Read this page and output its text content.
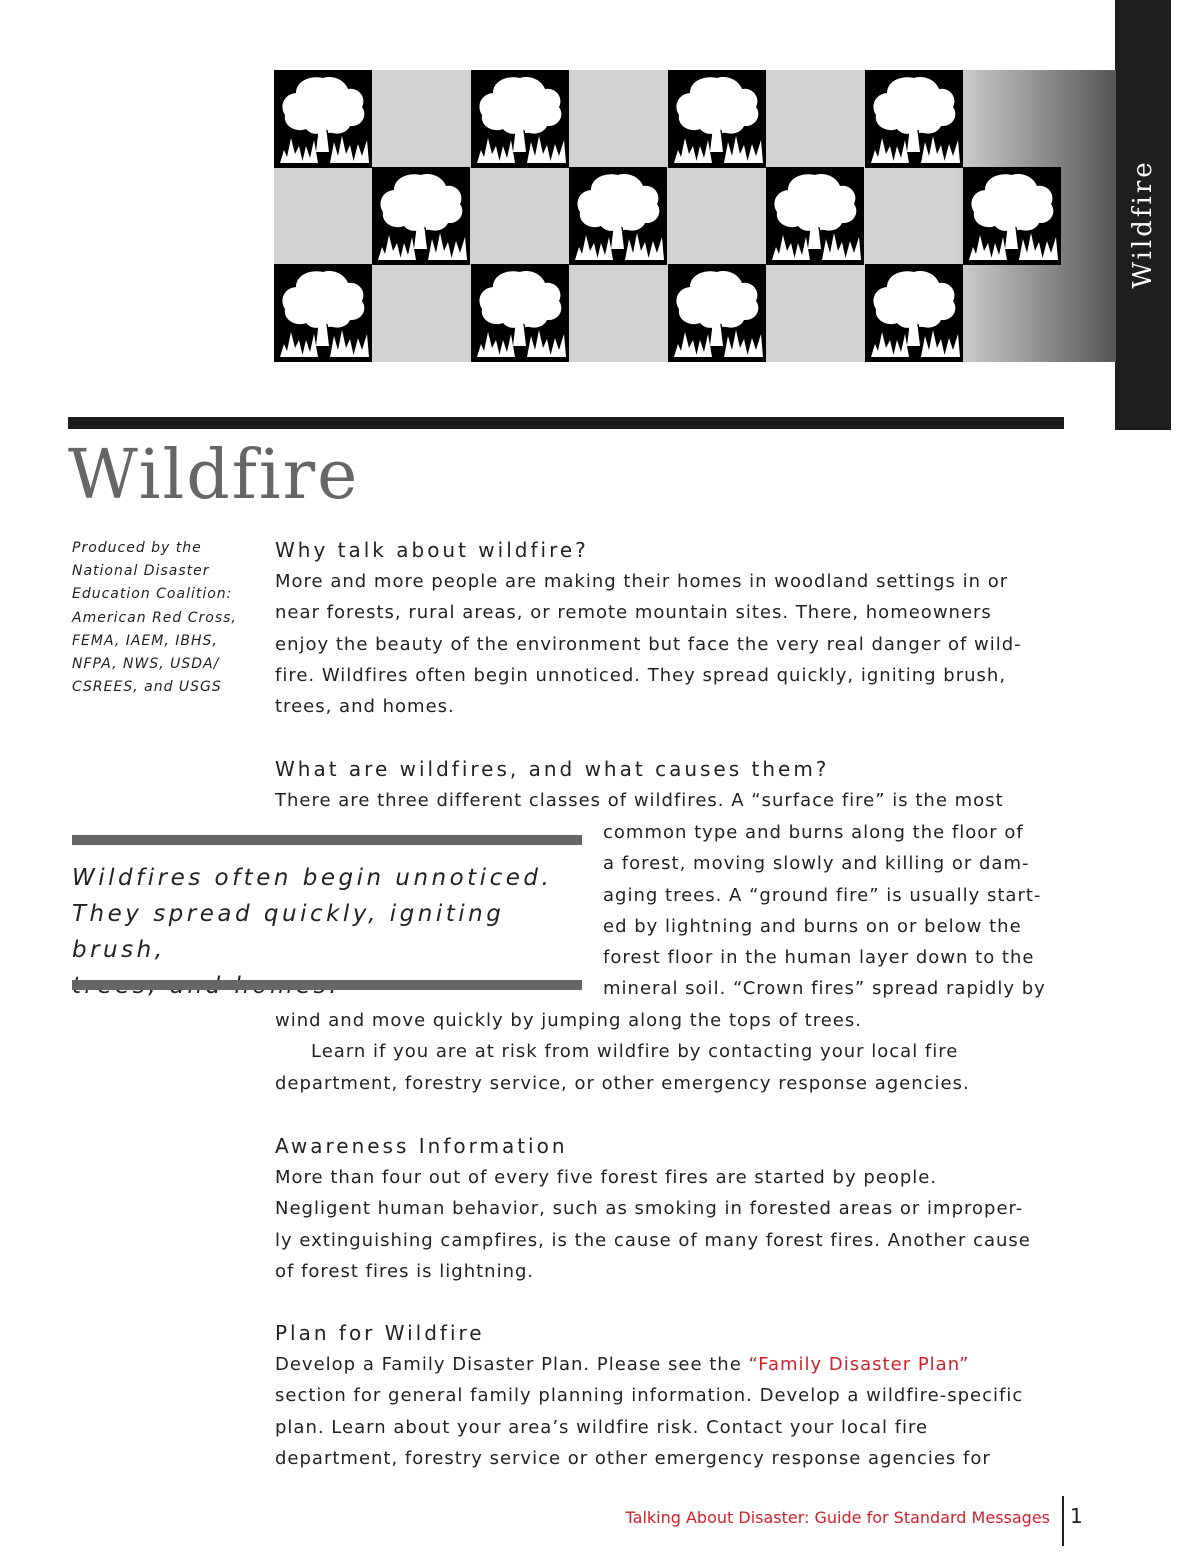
Wildfire
Wildfire
Produced by the
National Disaster
Education Coalition:
American Red Cross,
FEMA, IAEM, IBHS,
NFPA, NWS, USDA/
CSREES, and USGS
Why talk about wildfire?

More and more people are making their homes in woodland settings in or
near forests, rural areas, or remote mountain sites. There, homeowners
enjoy the beauty of the environment but face the very real danger of wild-
fire. Wildfires often begin unnoticed. They spread quickly, igniting brush,
trees, and homes.

What are wildfires, and what causes them?

There are three different classes of wildfires. A “surface fire” is the most

common type and burns along the floor of
a forest, moving slowly and killing or dam-
aging trees. A “ground fire” is usually start-
ed by lightning and burns on or below the
forest floor in the human layer down to the
mineral soil. “Crown fires” spread rapidly by

wind and move quickly by jumping along the tops of trees.
Learn if you are at risk from wildfire by contacting your local fire
department, forestry service, or other emergency response agencies.

Wildfires often begin unnoticed.
They spread quickly, igniting brush,

Awareness Information

More than four out of every five forest fires are started by people.
Negligent human behavior, such as smoking in forested areas or improper-
ly extinguishing campfires, is the cause of many forest fires. Another cause
of forest fires is lightning.

Plan for Wildfire

Develop a Family Disaster Plan. Please see the “Family Disaster Plan”
section for general family planning information. Develop a wildfire-specific
plan. Learn about your area’s wildfire risk. Contact your local fire
department, forestry service or other emergency response agencies for

Talking About Disaster: Guide for Standard Messages 1
